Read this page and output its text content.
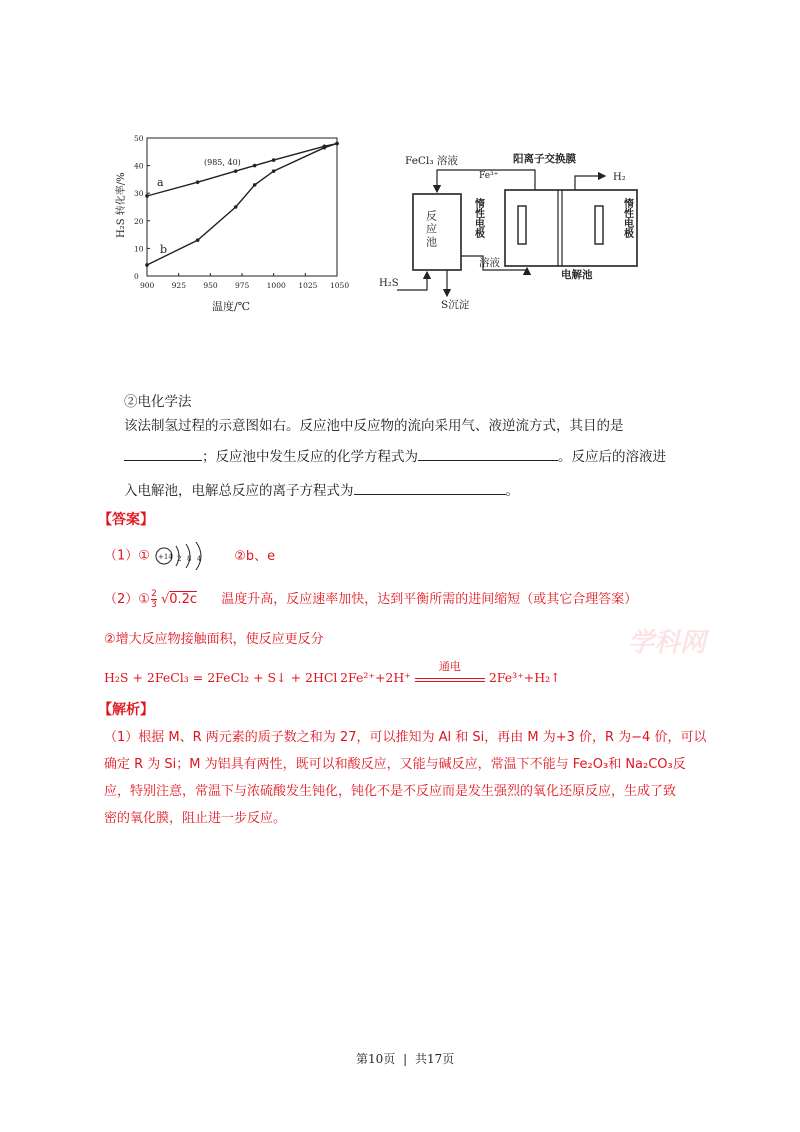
900 925 950 975 1000 1025 1050
0
10
20
30
40
50
(985, 40)
a
b
温度/℃
H₂S 转化率/%	反应池	惰性电极	惰性电极
FeCl₃ 溶液
Fe³⁺
阳离子交换膜
H₂
溶液
电解池
H₂S
S沉淀
②电化学法
该法制氢过程的示意图如右。反应池中反应物的流向采用气、液逆流方式，其目的是
；反应池中发生反应的化学方程式为	。反应后的溶液进
入电解池，电解总反应的离子方程式为	。
【答案】
（1）① +14 2 8 4	②b、e
（2）① $\frac{2}{3} √0.2c$ 温度升高，反应速率加快，达到平衡所需的进间缩短（或其它合理答案）
②增大反应物接触面积，使反应更反分
H₂S + 2FeCl₃ = 2FeCl₂ + S↓ + 2HCl 2Fe²⁺+2H⁺
通电
2Fe³⁺+H₂↑
【解析】
（1）根据 M、R 两元素的质子数之和为 27，可以推知为 Al 和 Si，再由 M 为+3 价，R 为−4 价，可以
确定 R 为 Si；M 为铝具有两性，既可以和酸反应，又能与碱反应，常温下不能与 Fe₂O₃和 Na₂CO₃反
应，特别注意，常温下与浓硫酸发生钝化，钝化不是不反应而是发生强烈的氧化还原反应，生成了致
密的氧化膜，阻止进一步反应。
学科网
第10页 | 共17页
